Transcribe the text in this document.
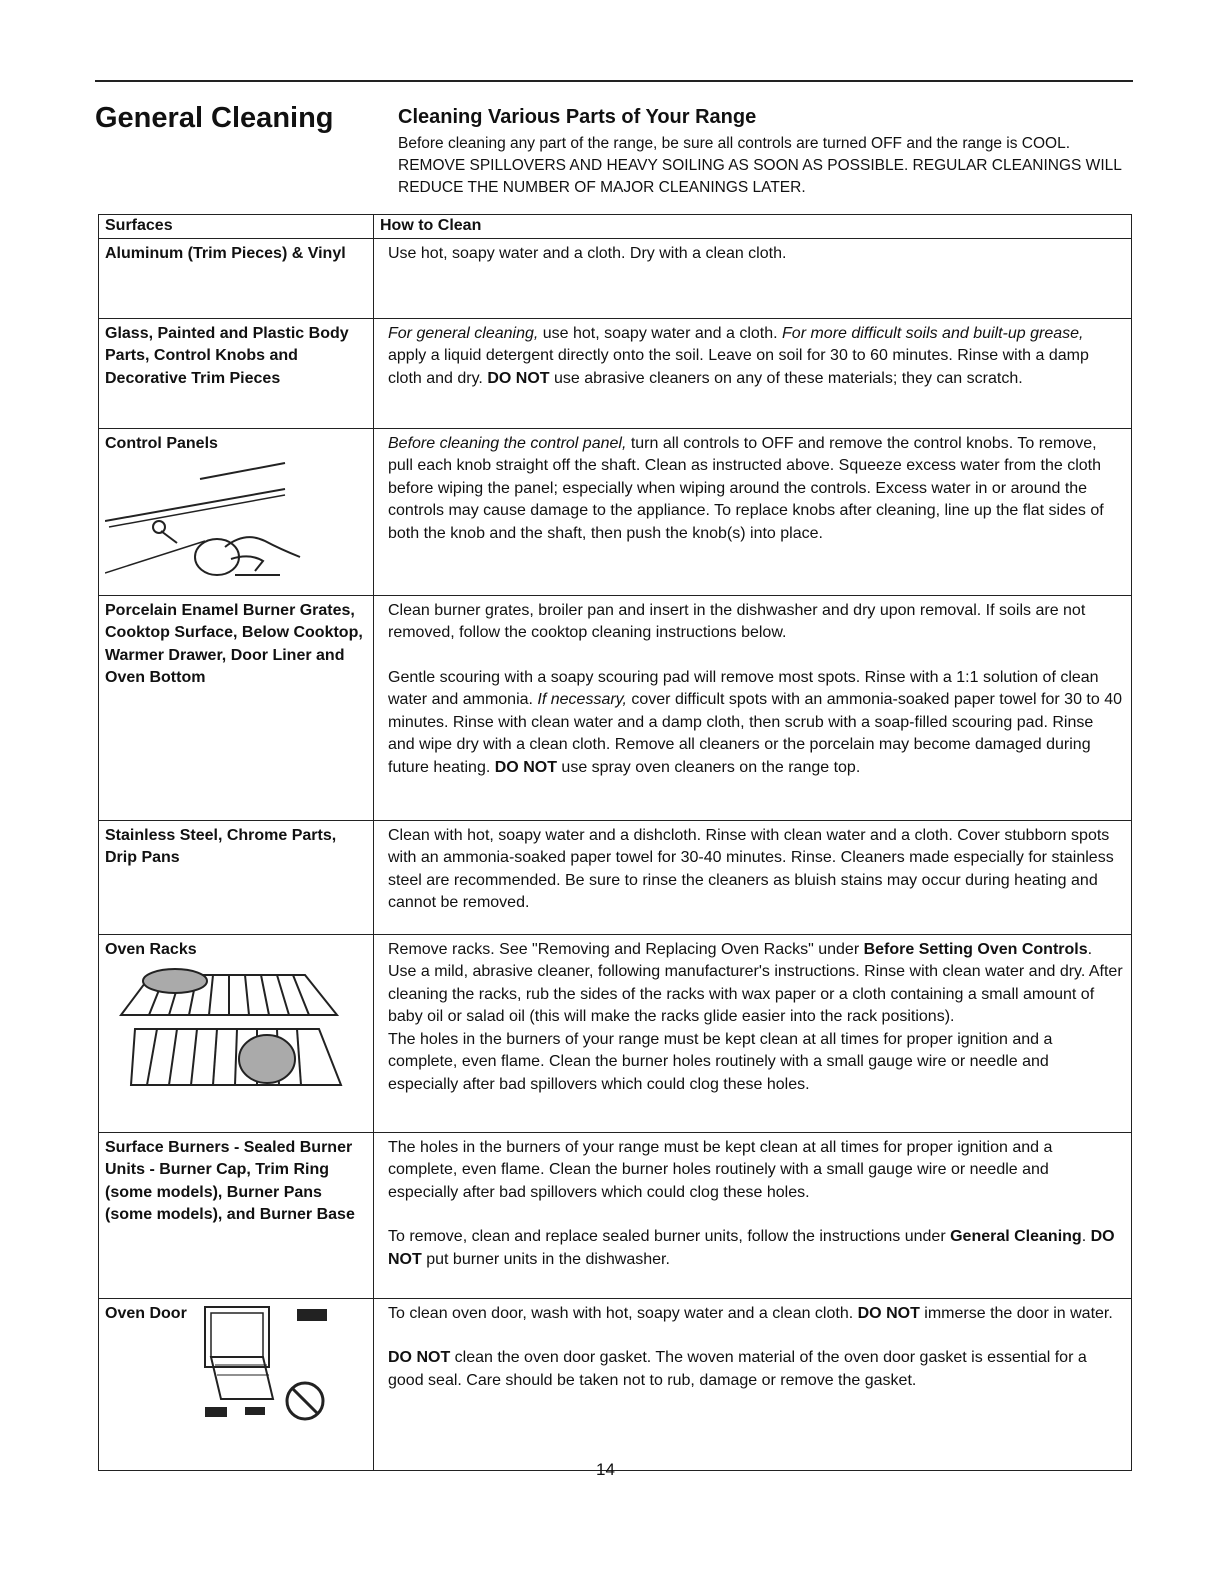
General Cleaning	Cleaning Various Parts of Your Range

Before cleaning any part of the range, be sure all controls are turned OFF and the range is COOL. REMOVE SPILLOVERS AND HEAVY SOILING AS SOON AS POSSIBLE. REGULAR CLEANINGS WILL REDUCE THE NUMBER OF MAJOR CLEANINGS LATER.

Surfaces	How to Clean
Aluminum (Trim Pieces) & Vinyl	Use hot, soapy water and a cloth. Dry with a clean cloth.

Glass, Painted and Plastic Body Parts, Control Knobs and Decorative Trim Pieces	For general cleaning, use hot, soapy water and a cloth. For more difficult soils and built-up grease, apply a liquid detergent directly onto the soil. Leave on soil for 30 to 60 minutes. Rinse with a damp cloth and dry. DO NOT use abrasive cleaners on any of these materials; they can scratch.

Control Panels	Before cleaning the control panel, turn all controls to OFF and remove the control knobs. To remove, pull each knob straight off the shaft. Clean as instructed above. Squeeze excess water from the cloth before wiping the panel; especially when wiping around the controls. Excess water in or around the controls may cause damage to the appliance. To replace knobs after cleaning, line up the flat sides of both the knob and the shaft, then push the knob(s) into place.

Porcelain Enamel Burner Grates, Cooktop Surface, Below Cooktop, Warmer Drawer, Door Liner and Oven Bottom	Clean burner grates, broiler pan and insert in the dishwasher and dry upon removal. If soils are not removed, follow the cooktop cleaning instructions below.

Gentle scouring with a soapy scouring pad will remove most spots. Rinse with a 1:1 solution of clean water and ammonia. If necessary, cover difficult spots with an ammonia-soaked paper towel for 30 to 40 minutes. Rinse with clean water and a damp cloth, then scrub with a soap-filled scouring pad. Rinse and wipe dry with a clean cloth. Remove all cleaners or the porcelain may become damaged during future heating. DO NOT use spray oven cleaners on the range top.

Stainless Steel, Chrome Parts, Drip Pans	Clean with hot, soapy water and a dishcloth. Rinse with clean water and a cloth. Cover stubborn spots with an ammonia-soaked paper towel for 30-40 minutes. Rinse. Cleaners made especially for stainless steel are recommended. Be sure to rinse the cleaners as bluish stains may occur during heating and cannot be removed.

Oven Racks	Remove racks. See "Removing and Replacing Oven Racks" under Before Setting Oven Controls. Use a mild, abrasive cleaner, following manufacturer's instructions. Rinse with clean water and dry. After cleaning the racks, rub the sides of the racks with wax paper or a cloth containing a small amount of baby oil or salad oil (this will make the racks glide easier into the rack positions).

The holes in the burners of your range must be kept clean at all times for proper ignition and a complete, even flame. Clean the burner holes routinely with a small gauge wire or needle and especially after bad spillovers which could clog these holes.

Surface Burners - Sealed Burner Units - Burner Cap, Trim Ring (some models), Burner Pans (some models), and Burner Base	The holes in the burners of your range must be kept clean at all times for proper ignition and a complete, even flame. Clean the burner holes routinely with a small gauge wire or needle and especially after bad spillovers which could clog these holes.

To remove, clean and replace sealed burner units, follow the instructions under General Cleaning. DO NOT put burner units in the dishwasher.

Oven Door	To clean oven door, wash with hot, soapy water and a clean cloth. DO NOT immerse the door in water.

DO NOT clean the oven door gasket. The woven material of the oven door gasket is essential for a good seal. Care should be taken not to rub, damage or remove the gasket.

14
